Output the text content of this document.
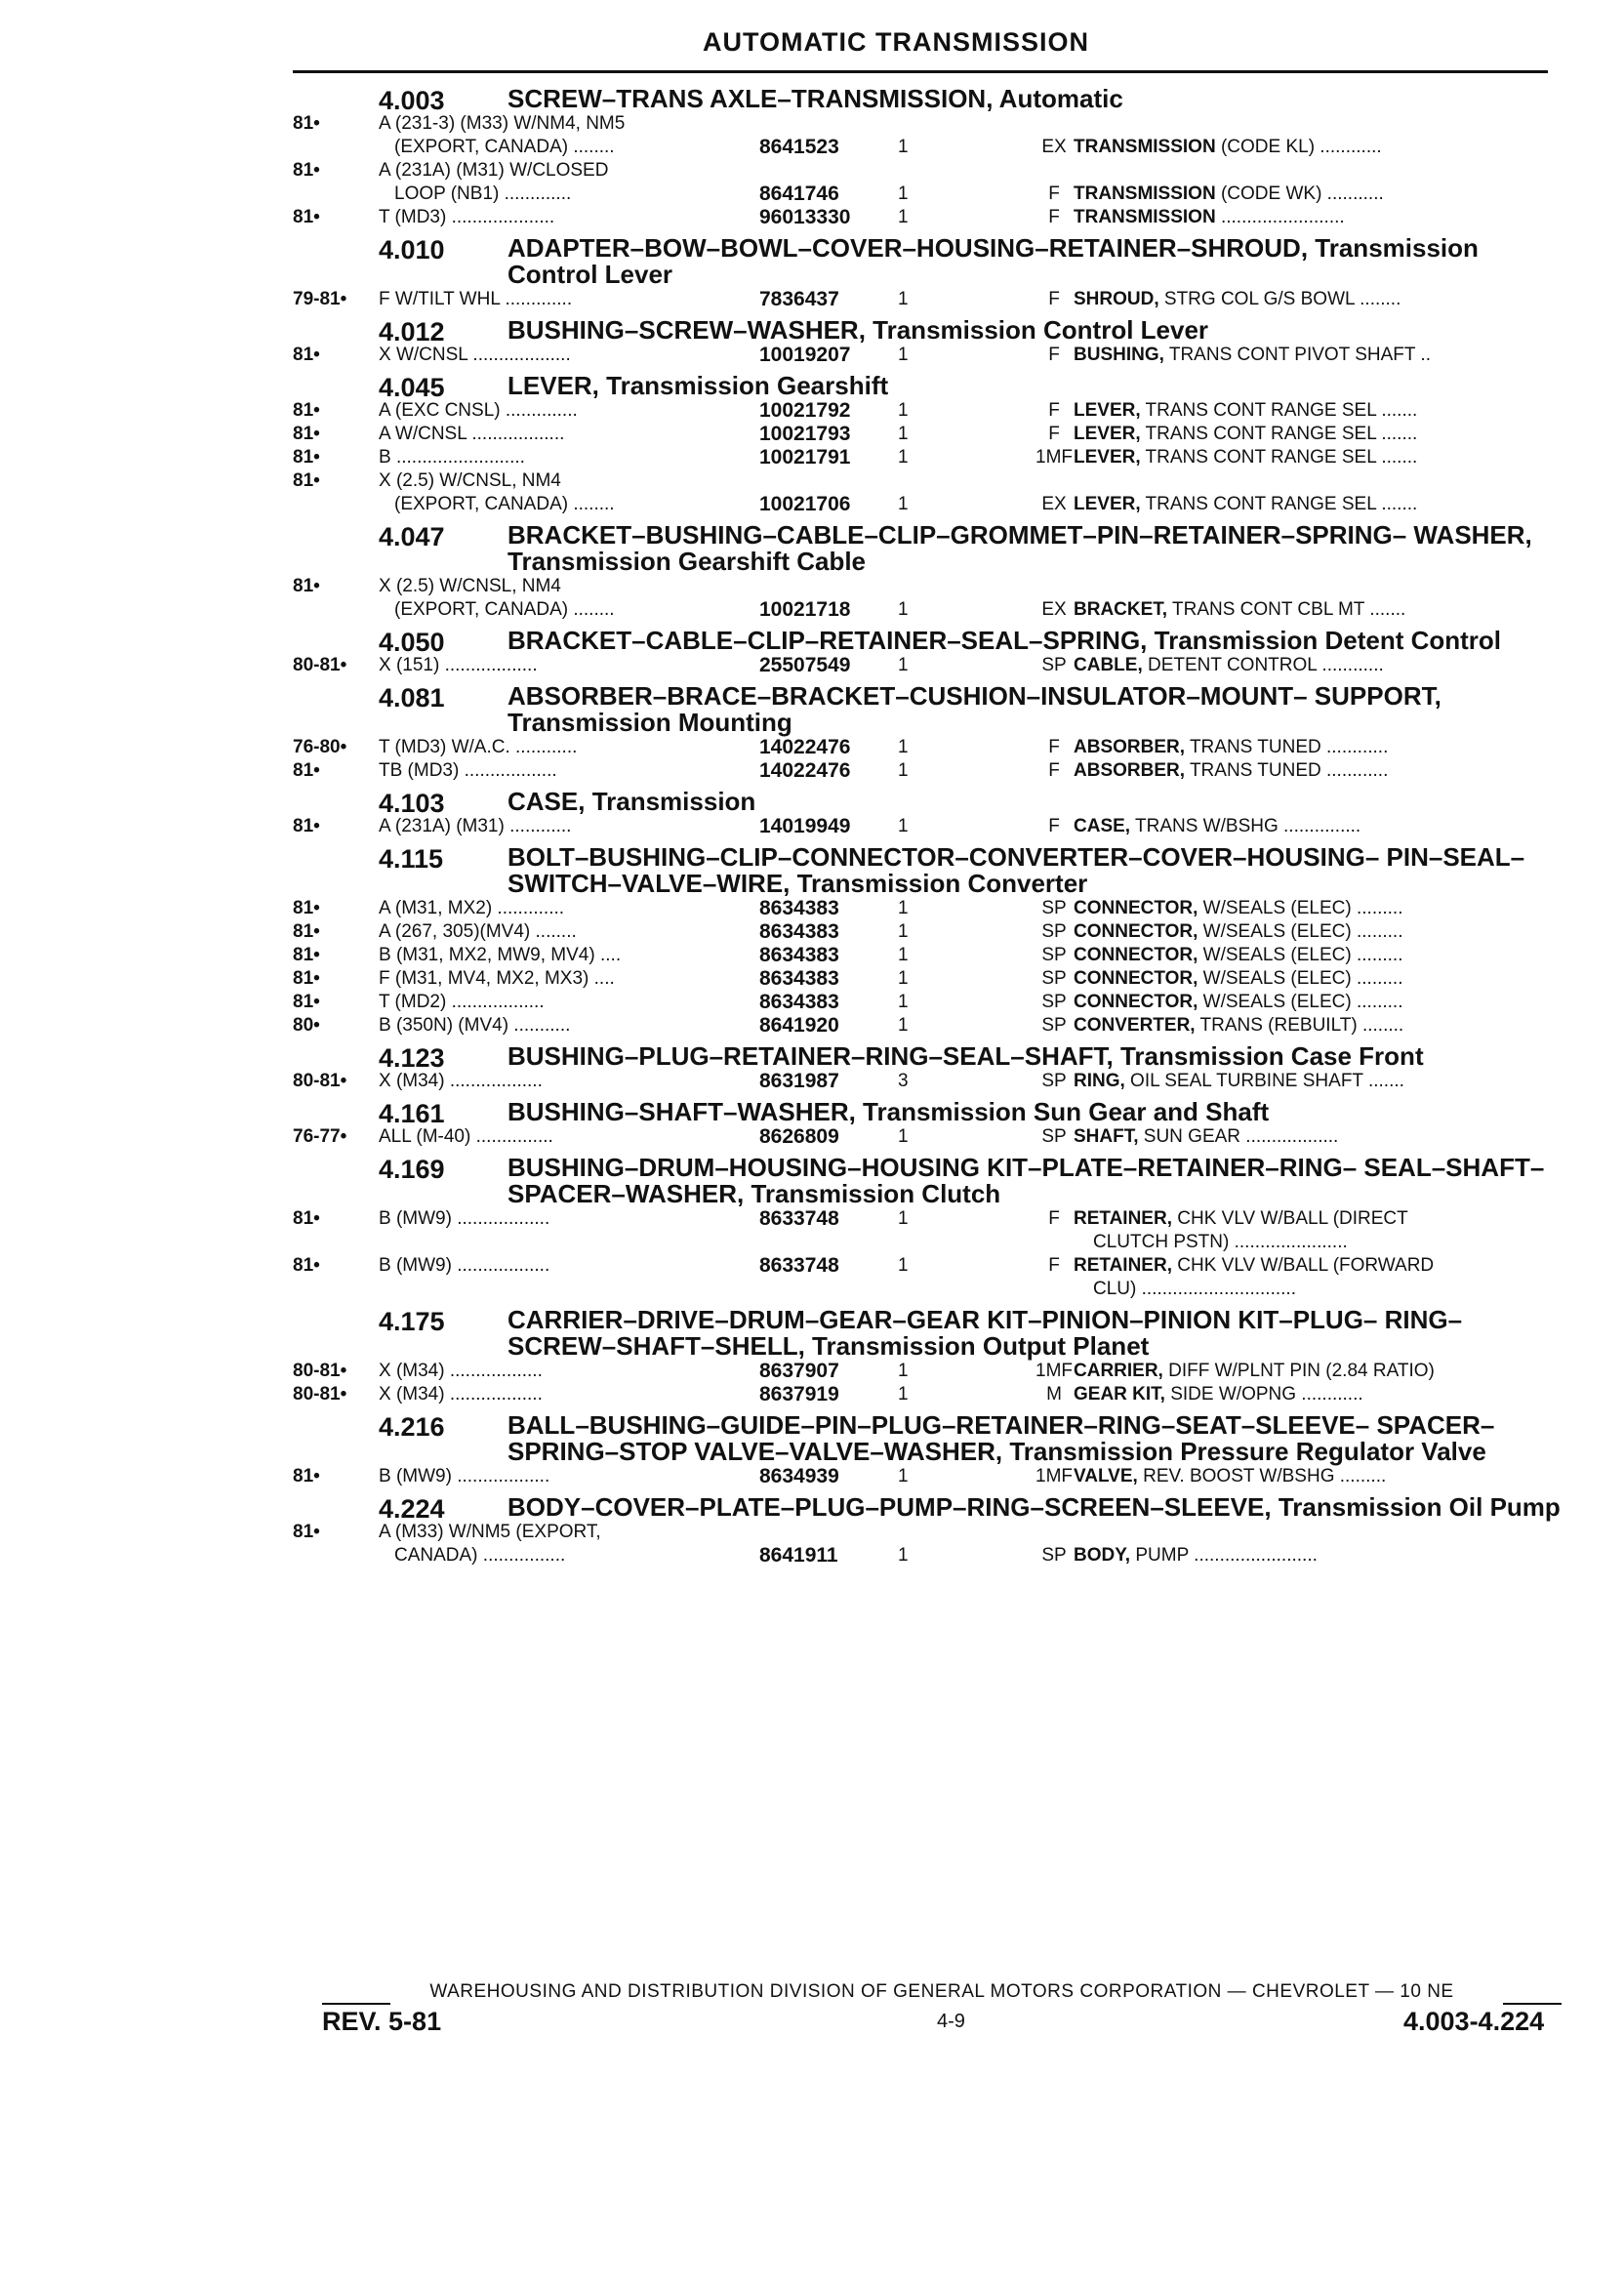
AUTOMATIC TRANSMISSION
4.003 SCREW–TRANS AXLE–TRANSMISSION, Automatic
81•	A (231-3) (M33) W/NM4, NM5
(EXPORT, CANADA) ........	8641523	1	EX TRANSMISSION (CODE KL) ............
81•	A (231A) (M31) W/CLOSED
LOOP (NB1) .............	8641746	1	F TRANSMISSION (CODE WK) ...........
81•	T (MD3) ....................	96013330	1	F TRANSMISSION ........................
4.010 ADAPTER–BOW–BOWL–COVER–HOUSING–RETAINER–SHROUD, Transmission Control Lever
79-81•	F W/TILT WHL .............	7836437	1	F SHROUD, STRG COL G/S BOWL ........
4.012 BUSHING–SCREW–WASHER, Transmission Control Lever
81•	X W/CNSL ...................	10019207	1	F BUSHING, TRANS CONT PIVOT SHAFT ..
4.045 LEVER, Transmission Gearshift
81•	A (EXC CNSL) ..............	10021792	1	F LEVER, TRANS CONT RANGE SEL .......
81•	A W/CNSL ..................	10021793	1	F LEVER, TRANS CONT RANGE SEL .......
81•	B .........................	10021791	1	1MF LEVER, TRANS CONT RANGE SEL .......
81•	X (2.5) W/CNSL, NM4
(EXPORT, CANADA) ........	10021706	1	EX LEVER, TRANS CONT RANGE SEL .......
4.047 BRACKET–BUSHING–CABLE–CLIP–GROMMET–PIN–RETAINER–SPRING– WASHER, Transmission Gearshift Cable
81•	X (2.5) W/CNSL, NM4
(EXPORT, CANADA) ........	10021718	1	EX BRACKET, TRANS CONT CBL MT .......
4.050 BRACKET–CABLE–CLIP–RETAINER–SEAL–SPRING, Transmission Detent Control
80-81•	X (151) ..................	25507549	1	SP CABLE, DETENT CONTROL ............
4.081 ABSORBER–BRACE–BRACKET–CUSHION–INSULATOR–MOUNT– SUPPORT, Transmission Mounting
76-80•	T (MD3) W/A.C. ............	14022476	1	F ABSORBER, TRANS TUNED ............
81•	TB (MD3) ..................	14022476	1	F ABSORBER, TRANS TUNED ............
4.103 CASE, Transmission
81•	A (231A) (M31) ............	14019949	1	F CASE, TRANS W/BSHG ...............
4.115	BOLT–BUSHING–CLIP–CONNECTOR–CONVERTER–COVER–HOUSING– PIN–SEAL–SWITCH–VALVE–WIRE, Transmission Converter
81•	A (M31, MX2) .............	8634383	1	SP CONNECTOR, W/SEALS (ELEC) .........
81•	A (267, 305)(MV4) ........	8634383	1	SP CONNECTOR, W/SEALS (ELEC) .........
81•	B (M31, MX2, MW9, MV4) ....	8634383	1	SP CONNECTOR, W/SEALS (ELEC) .........
81•	F (M31, MV4, MX2, MX3) ....	8634383	1	SP CONNECTOR, W/SEALS (ELEC) .........
81•	T (MD2) ..................	8634383	1	SP CONNECTOR, W/SEALS (ELEC) .........
80•	B (350N) (MV4) ...........	8641920	1	SP CONVERTER, TRANS (REBUILT) ........
4.123 BUSHING–PLUG–RETAINER–RING–SEAL–SHAFT, Transmission Case Front
80-81•	X (M34) ..................	8631987	3	SP RING, OIL SEAL TURBINE SHAFT .......
4.161 BUSHING–SHAFT–WASHER, Transmission Sun Gear and Shaft
76-77•	ALL (M-40) ...............	8626809	1	SP SHAFT, SUN GEAR ..................
4.169 BUSHING–DRUM–HOUSING–HOUSING KIT–PLATE–RETAINER–RING– SEAL–SHAFT–SPACER–WASHER, Transmission Clutch
81•	B (MW9) ..................	8633748	1	F RETAINER, CHK VLV W/BALL (DIRECT
CLUTCH PSTN) ......................
81•	B (MW9) ..................	8633748	1	F RETAINER, CHK VLV W/BALL (FORWARD
CLU) ..............................
4.175 CARRIER–DRIVE–DRUM–GEAR–GEAR KIT–PINION–PINION KIT–PLUG– RING–SCREW–SHAFT–SHELL, Transmission Output Planet
80-81•	X (M34) ..................	8637907	1	1MF CARRIER, DIFF W/PLNT PIN (2.84 RATIO)
80-81•	X (M34) ..................	8637919	1	M GEAR KIT, SIDE W/OPNG ............
4.216 BALL–BUSHING–GUIDE–PIN–PLUG–RETAINER–RING–SEAT–SLEEVE– SPACER–SPRING–STOP VALVE–VALVE–WASHER, Transmission Pressure Regulator Valve
81•	B (MW9) ..................	8634939	1	1MF VALVE, REV. BOOST W/BSHG .........
4.224 BODY–COVER–PLATE–PLUG–PUMP–RING–SCREEN–SLEEVE, Transmission Oil Pump
81•	A (M33) W/NM5 (EXPORT,
CANADA) ................	8641911	1	SP BODY, PUMP ........................
WAREHOUSING AND DISTRIBUTION DIVISION OF GENERAL MOTORS CORPORATION — CHEVROLET — 10 NE
REV. 5-81	4-9	4.003-4.224
